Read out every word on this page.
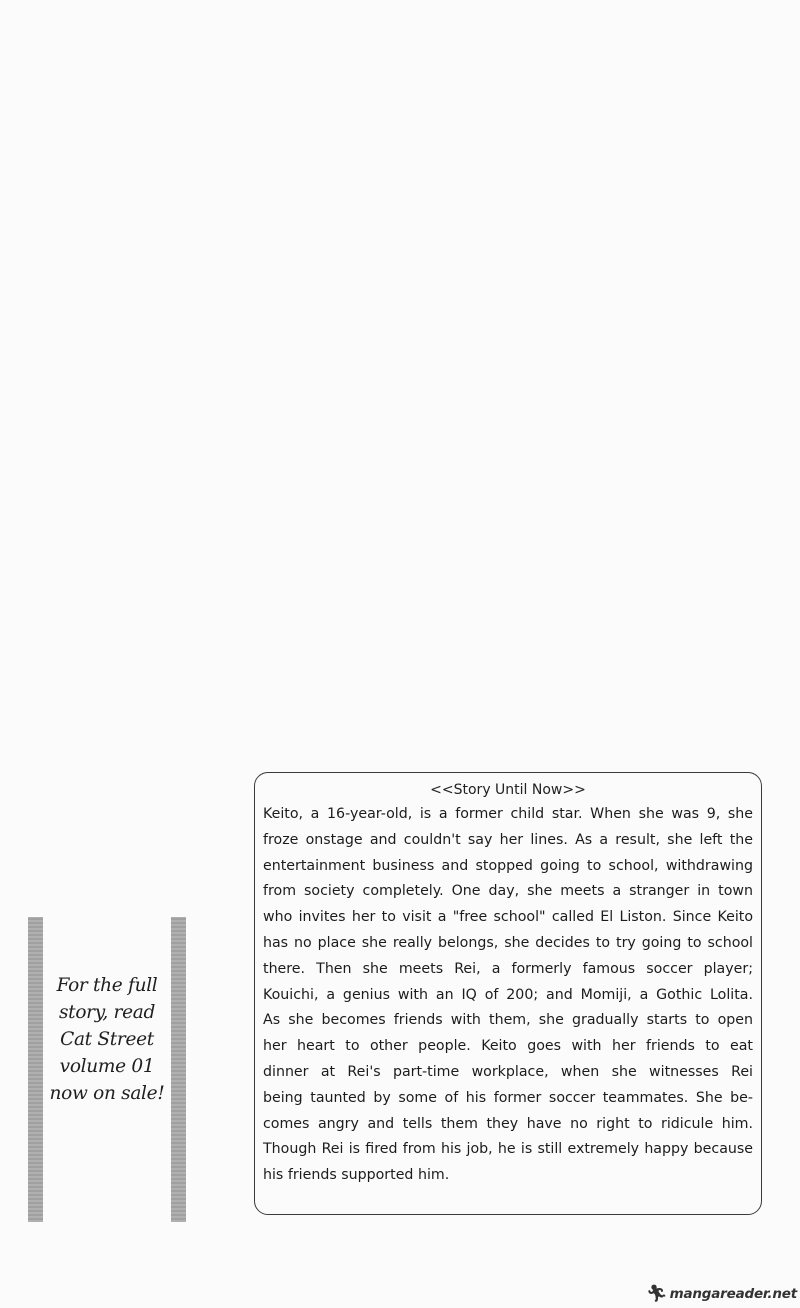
For the full
story, read
Cat Street
volume 01
now on sale!
<<Story Until Now>>
Keito, a 16-year-old, is a former child star. When she was 9, she
froze onstage and couldn't say her lines. As a result, she left the
entertainment business and stopped going to school, withdrawing
from society completely. One day, she meets a stranger in town
who invites her to visit a "free school" called El Liston. Since Keito
has no place she really belongs, she decides to try going to school
there. Then she meets Rei, a formerly famous soccer player;
Kouichi, a genius with an IQ of 200; and Momiji, a Gothic Lolita.
As she becomes friends with them, she gradually starts to open
her heart to other people. Keito goes with her friends to eat
dinner at Rei's part-time workplace, when she witnesses Rei
being taunted by some of his former soccer teammates. She be-
comes angry and tells them they have no right to ridicule him.
Though Rei is fired from his job, he is still extremely happy because
his friends supported him.
🏃︎ mangareader.net
